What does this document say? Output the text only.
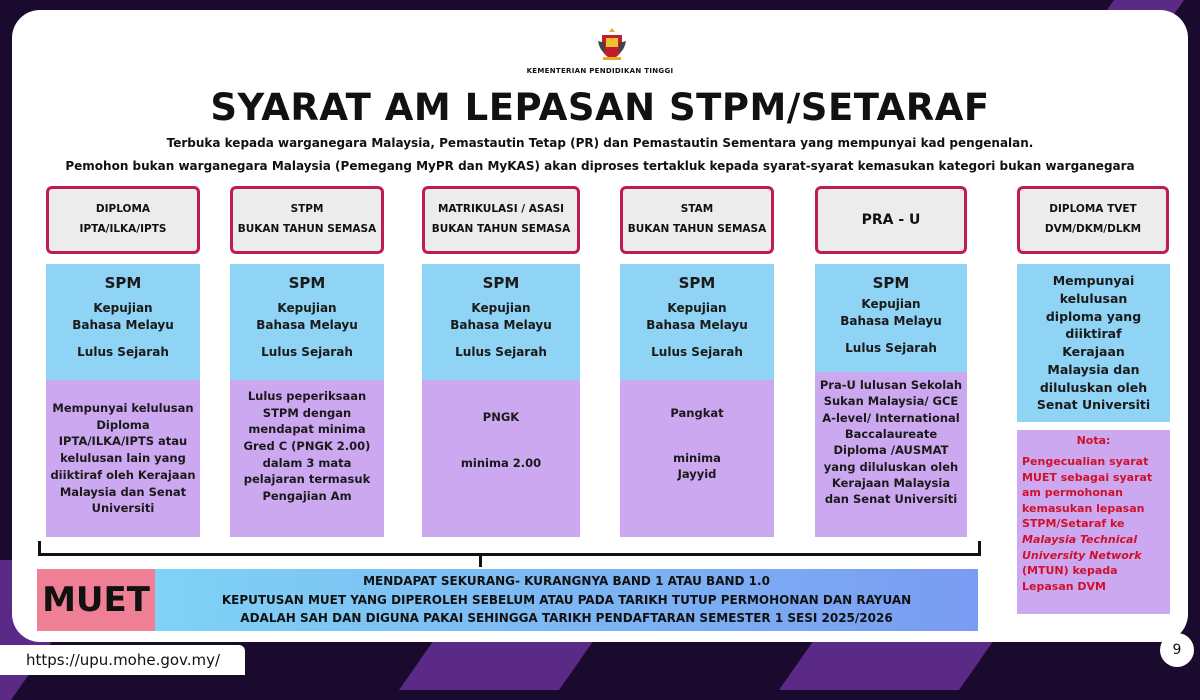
KEMENTERIAN PENDIDIKAN TINGGI
SYARAT AM LEPASAN STPM/SETARAF
Terbuka kepada warganegara Malaysia, Pemastautin Tetap (PR) dan Pemastautin Sementara yang mempunyai kad pengenalan.
Pemohon bukan warganegara Malaysia (Pemegang MyPR dan MyKAS) akan diproses tertakluk kepada syarat-syarat kemasukan kategori bukan warganegara
DIPLOMA
IPTA/ILKA/IPTS
STPM
BUKAN TAHUN SEMASA
MATRIKULASI / ASASI
BUKAN TAHUN SEMASA
STAM
BUKAN TAHUN SEMASA
PRA - U
DIPLOMA TVET
DVM/DKM/DLKM
SPM
Kepujian Bahasa Melayu
Lulus Sejarah
Mempunyai kelulusan Diploma IPTA/ILKA/IPTS atau kelulusan lain yang diiktiraf oleh Kerajaan Malaysia dan Senat Universiti
SPM
Kepujian Bahasa Melayu
Lulus Sejarah
Lulus peperiksaan STPM dengan mendapat minima Gred C (PNGK 2.00) dalam 3 mata pelajaran termasuk Pengajian Am
SPM
Kepujian Bahasa Melayu
Lulus Sejarah
PNGK
minima 2.00
SPM
Kepujian Bahasa Melayu
Lulus Sejarah
Pangkat
minima Jayyid
SPM
Kepujian Bahasa Melayu
Lulus Sejarah
Pra-U lulusan Sekolah Sukan Malaysia/ GCE A-level/ International Baccalaureate Diploma /AUSMAT yang diluluskan oleh Kerajaan Malaysia dan Senat Universiti
Mempunyai kelulusan diploma yang diiktiraf Kerajaan Malaysia dan diluluskan oleh Senat Universiti
Nota:
Pengecualian syarat MUET sebagai syarat am permohonan kemasukan lepasan STPM/Setaraf ke Malaysia Technical University Network (MTUN) kepada Lepasan DVM
MUET	MENDAPAT SEKURANG- KURANGNYA BAND 1 ATAU BAND 1.0
KEPUTUSAN MUET YANG DIPEROLEH SEBELUM ATAU PADA TARIKH TUTUP PERMOHONAN DAN RAYUAN
ADALAH SAH DAN DIGUNA PAKAI SEHINGGA TARIKH PENDAFTARAN SEMESTER 1 SESI 2025/2026
https://upu.mohe.gov.my/
9
